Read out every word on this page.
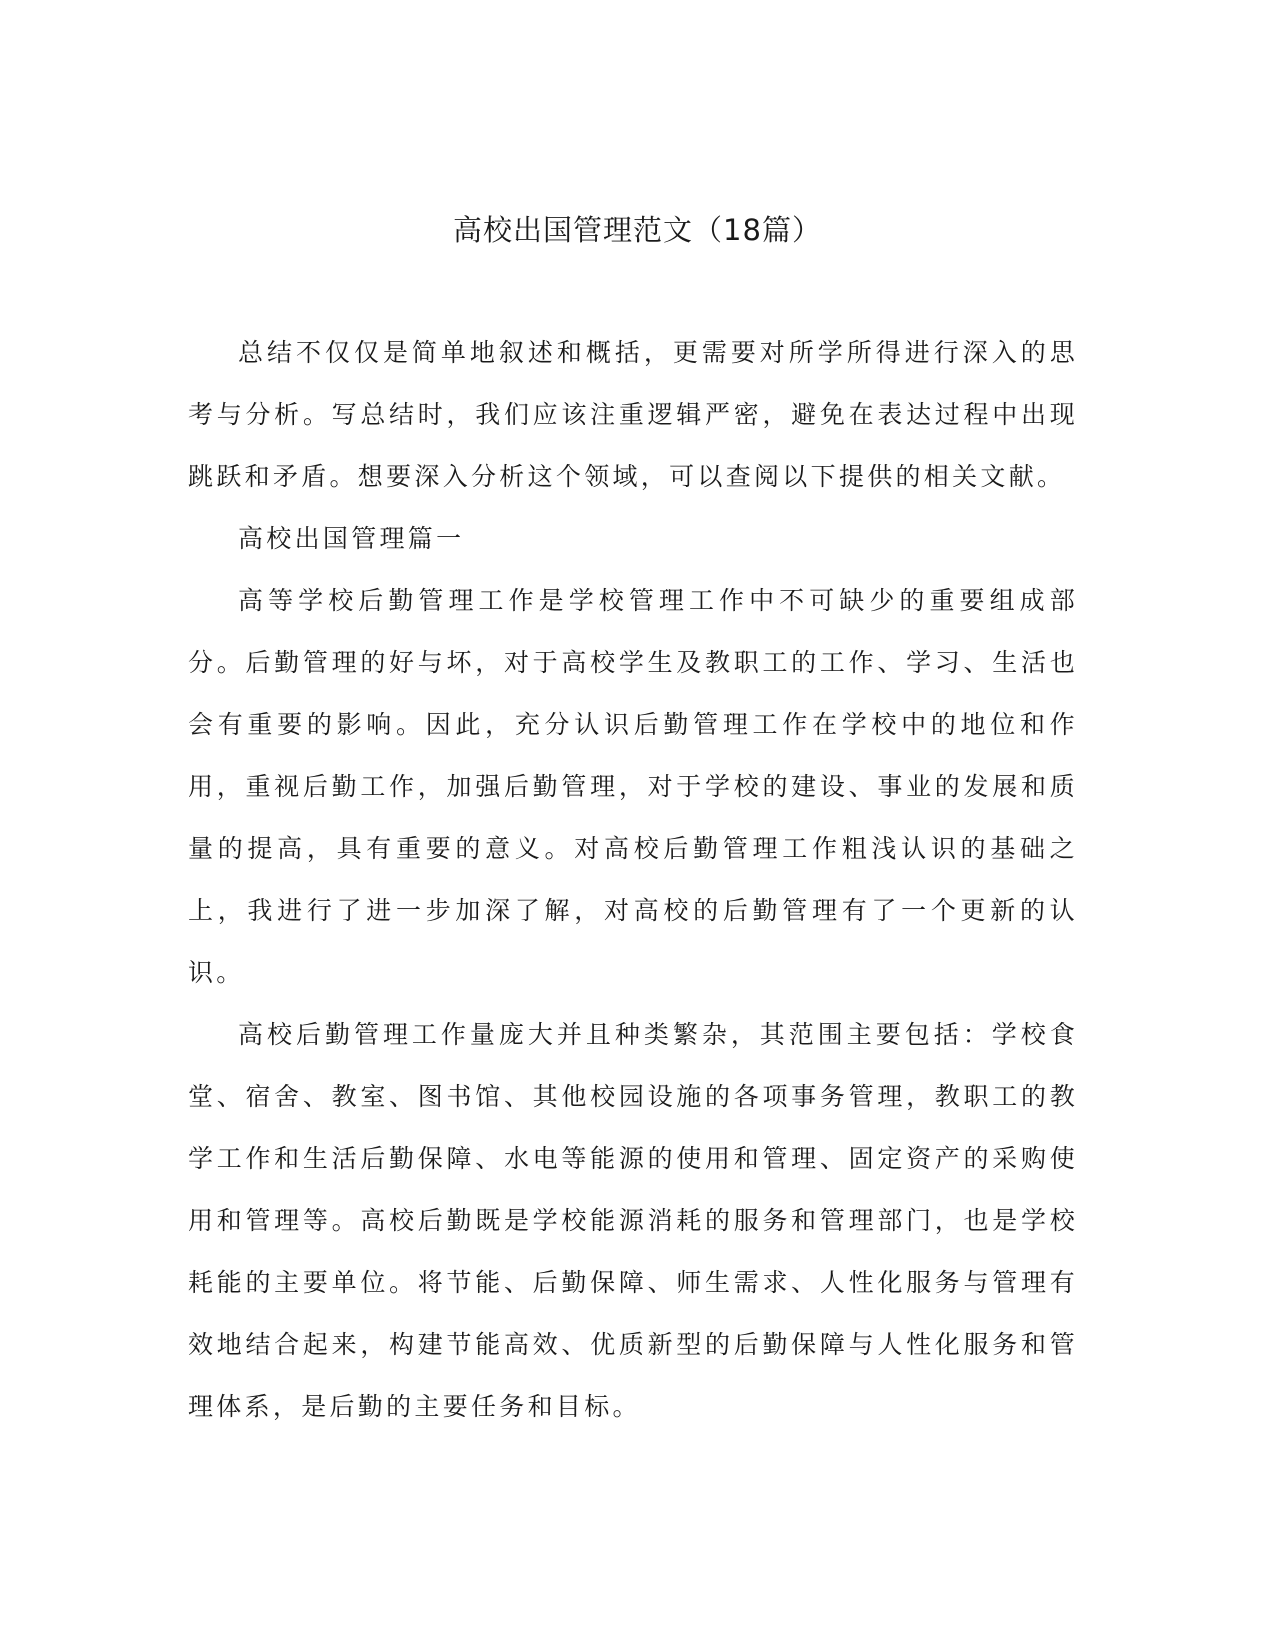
高校出国管理范文（18篇）

总结不仅仅是简单地叙述和概括，更需要对所学所得进行深入的思考与分析。写总结时，我们应该注重逻辑严密，避免在表达过程中出现跳跃和矛盾。想要深入分析这个领域，可以查阅以下提供的相关文献。

高校出国管理篇一

高等学校后勤管理工作是学校管理工作中不可缺少的重要组成部分。后勤管理的好与坏，对于高校学生及教职工的工作、学习、生活也会有重要的影响。因此，充分认识后勤管理工作在学校中的地位和作用，重视后勤工作，加强后勤管理，对于学校的建设、事业的发展和质量的提高，具有重要的意义。对高校后勤管理工作粗浅认识的基础之上，我进行了进一步加深了解，对高校的后勤管理有了一个更新的认识。

高校后勤管理工作量庞大并且种类繁杂，其范围主要包括：学校食堂、宿舍、教室、图书馆、其他校园设施的各项事务管理，教职工的教学工作和生活后勤保障、水电等能源的使用和管理、固定资产的采购使用和管理等。高校后勤既是学校能源消耗的服务和管理部门，也是学校耗能的主要单位。将节能、后勤保障、师生需求、人性化服务与管理有效地结合起来，构建节能高效、优质新型的后勤保障与人性化服务和管理体系，是后勤的主要任务和目标。
